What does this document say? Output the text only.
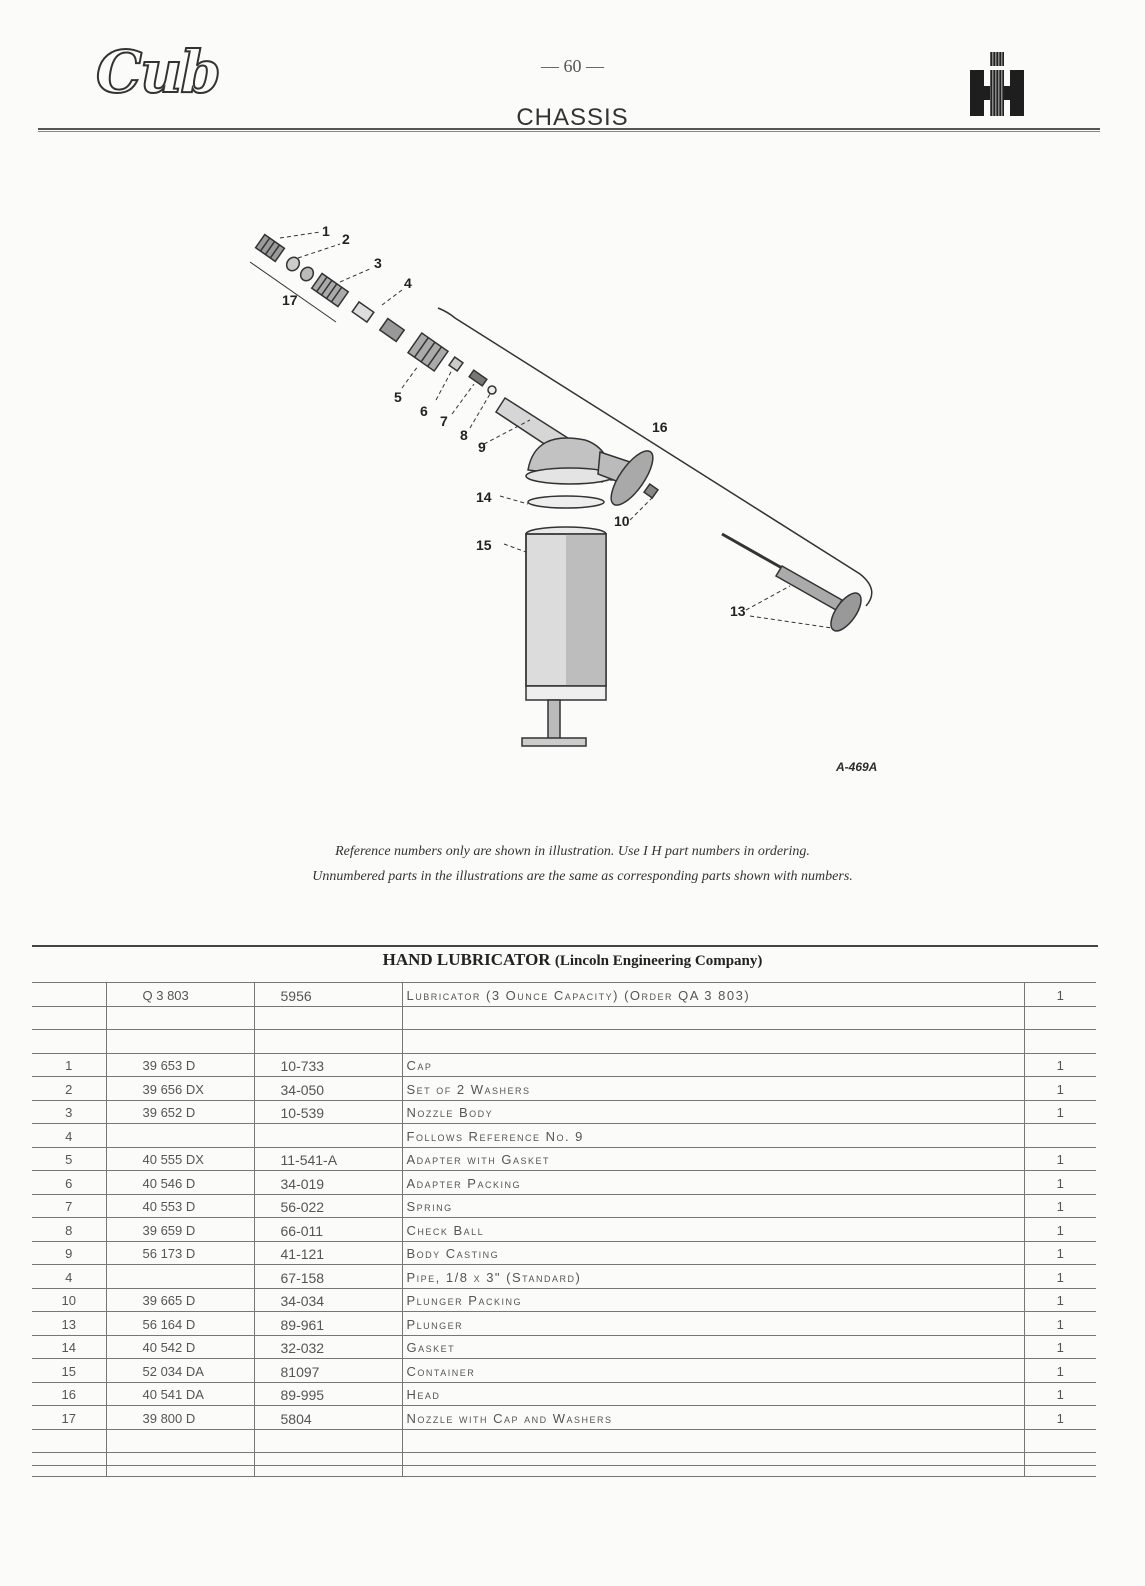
Cub	— 60 —
CHASSIS
1 2
3
4
5
6
7
8
9
10
13
14
15
16
17
A-469A
Reference numbers only are shown in illustration. Use I H part numbers in ordering.
Unnumbered parts in the illustrations are the same as corresponding parts shown with numbers.
HAND LUBRICATOR (Lincoln Engineering Company)
	Q 3 803	5956	Lubricator (3 Ounce Capacity) (Order QA 3 803)	1

1	39 653 D	10-733	Cap	1
2	39 656 DX	34-050	Set of 2 Washers	1
3	39 652 D	10-539	Nozzle Body	1
4			Follows Reference No. 9	
5	40 555 DX	11-541-A	Adapter with Gasket	1
6	40 546 D	34-019	Adapter Packing	1
7	40 553 D	56-022	Spring	1
8	39 659 D	66-011	Check Ball	1
9	56 173 D	41-121	Body Casting	1
4		67-158	Pipe, 1/8 x 3" (Standard)	1
10	39 665 D	34-034	Plunger Packing	1
13	56 164 D	89-961	Plunger	1
14	40 542 D	32-032	Gasket	1
15	52 034 DA	81097	Container	1
16	40 541 DA	89-995	Head	1
17	39 800 D	5804	Nozzle with Cap and Washers	1
